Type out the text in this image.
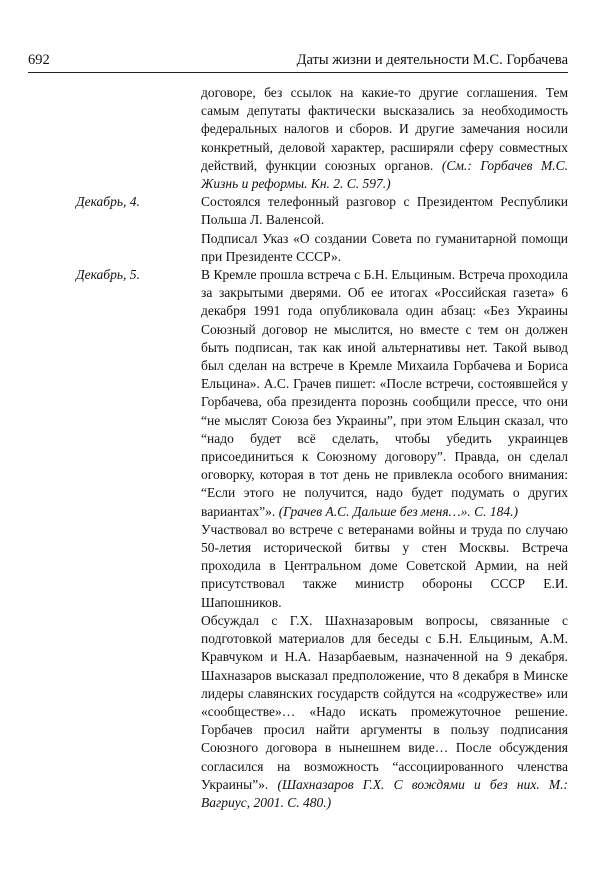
692	Даты жизни и деятельности М.С. Горбачева

договоре, без ссылок на какие-то другие соглашения. Тем самым депутаты фактически высказались за необходимость федеральных налогов и сборов. И другие замечания носили конкретный, деловой характер, расширяли сферу совместных действий, функции союзных органов. (См.: Горбачев М.С. Жизнь и реформы. Кн. 2. С. 597.)

Декабрь, 4.	Состоялся телефонный разговор с Президентом Республики Польша Л. Валенсой.

Подписал Указ «О создании Совета по гуманитарной помощи при Президенте СССР».

Декабрь, 5.	В Кремле прошла встреча с Б.Н. Ельциным. Встреча проходила за закрытыми дверями. Об ее итогах «Российская газета» 6 декабря 1991 года опубликовала один абзац: «Без Украины Союзный договор не мыслится, но вместе с тем он должен быть подписан, так как иной альтернативы нет. Такой вывод был сделан на встрече в Кремле Михаила Горбачева и Бориса Ельцина». А.С. Грачев пишет: «После встречи, состоявшейся у Горбачева, оба президента порознь сообщили прессе, что они “не мыслят Союза без Украины”, при этом Ельцин сказал, что “надо будет всё сделать, чтобы убедить украинцев присоединиться к Союзному договору”. Правда, он сделал оговорку, которая в тот день не привлекла особого внимания: “Если этого не получится, надо будет подумать о других вариантах”». (Грачев А.С. Дальше без меня…». С. 184.)

Участвовал во встрече с ветеранами войны и труда по случаю 50-летия исторической битвы у стен Москвы. Встреча проходила в Центральном доме Советской Армии, на ней присутствовал также министр обороны СССР Е.И. Шапошников.

Обсуждал с Г.Х. Шахназаровым вопросы, связанные с подготовкой материалов для беседы с Б.Н. Ельциным, А.М. Кравчуком и Н.А. Назарбаевым, назначенной на 9 декабря. Шахназаров высказал предположение, что 8 декабря в Минске лидеры славянских государств сойдутся на «содружестве» или «сообществе»… «Надо искать промежуточное решение. Горбачев просил найти аргументы в пользу подписания Союзного договора в нынешнем виде… После обсуждения согласился на возможность “ассоциированного членства Украины”». (Шахназаров Г.Х. С вождями и без них. М.: Вагриус, 2001. С. 480.)
